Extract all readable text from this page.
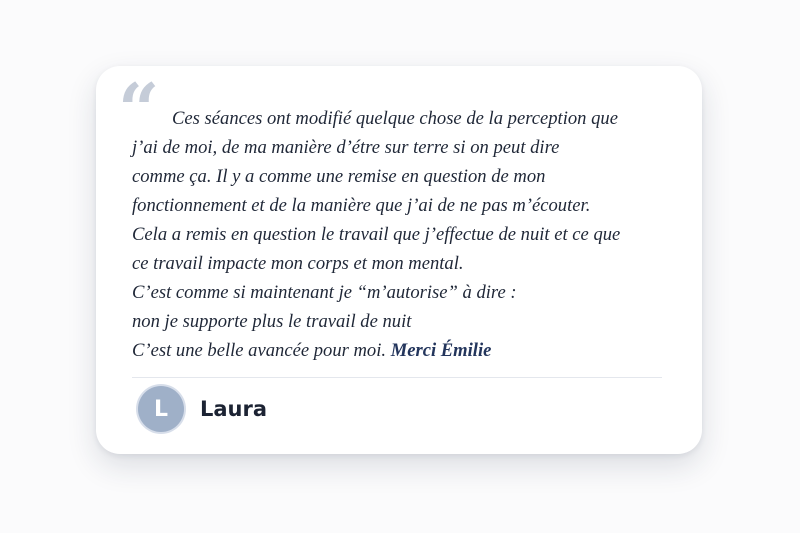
“ Ces séances ont modifié quelque chose de la perception que
j’ai de moi, de ma manière d’étre sur terre si on peut dire
comme ça. Il y a comme une remise en question de mon
fonctionnement et de la manière que j’ai de ne pas m’écouter.
Cela a remis en question le travail que j’effectue de nuit et ce que
ce travail impacte mon corps et mon mental.
C’est comme si maintenant je “m’autorise” à dire :
non je supporte plus le travail de nuit
C’est une belle avancée pour moi. Merci Émilie

L	Laura
